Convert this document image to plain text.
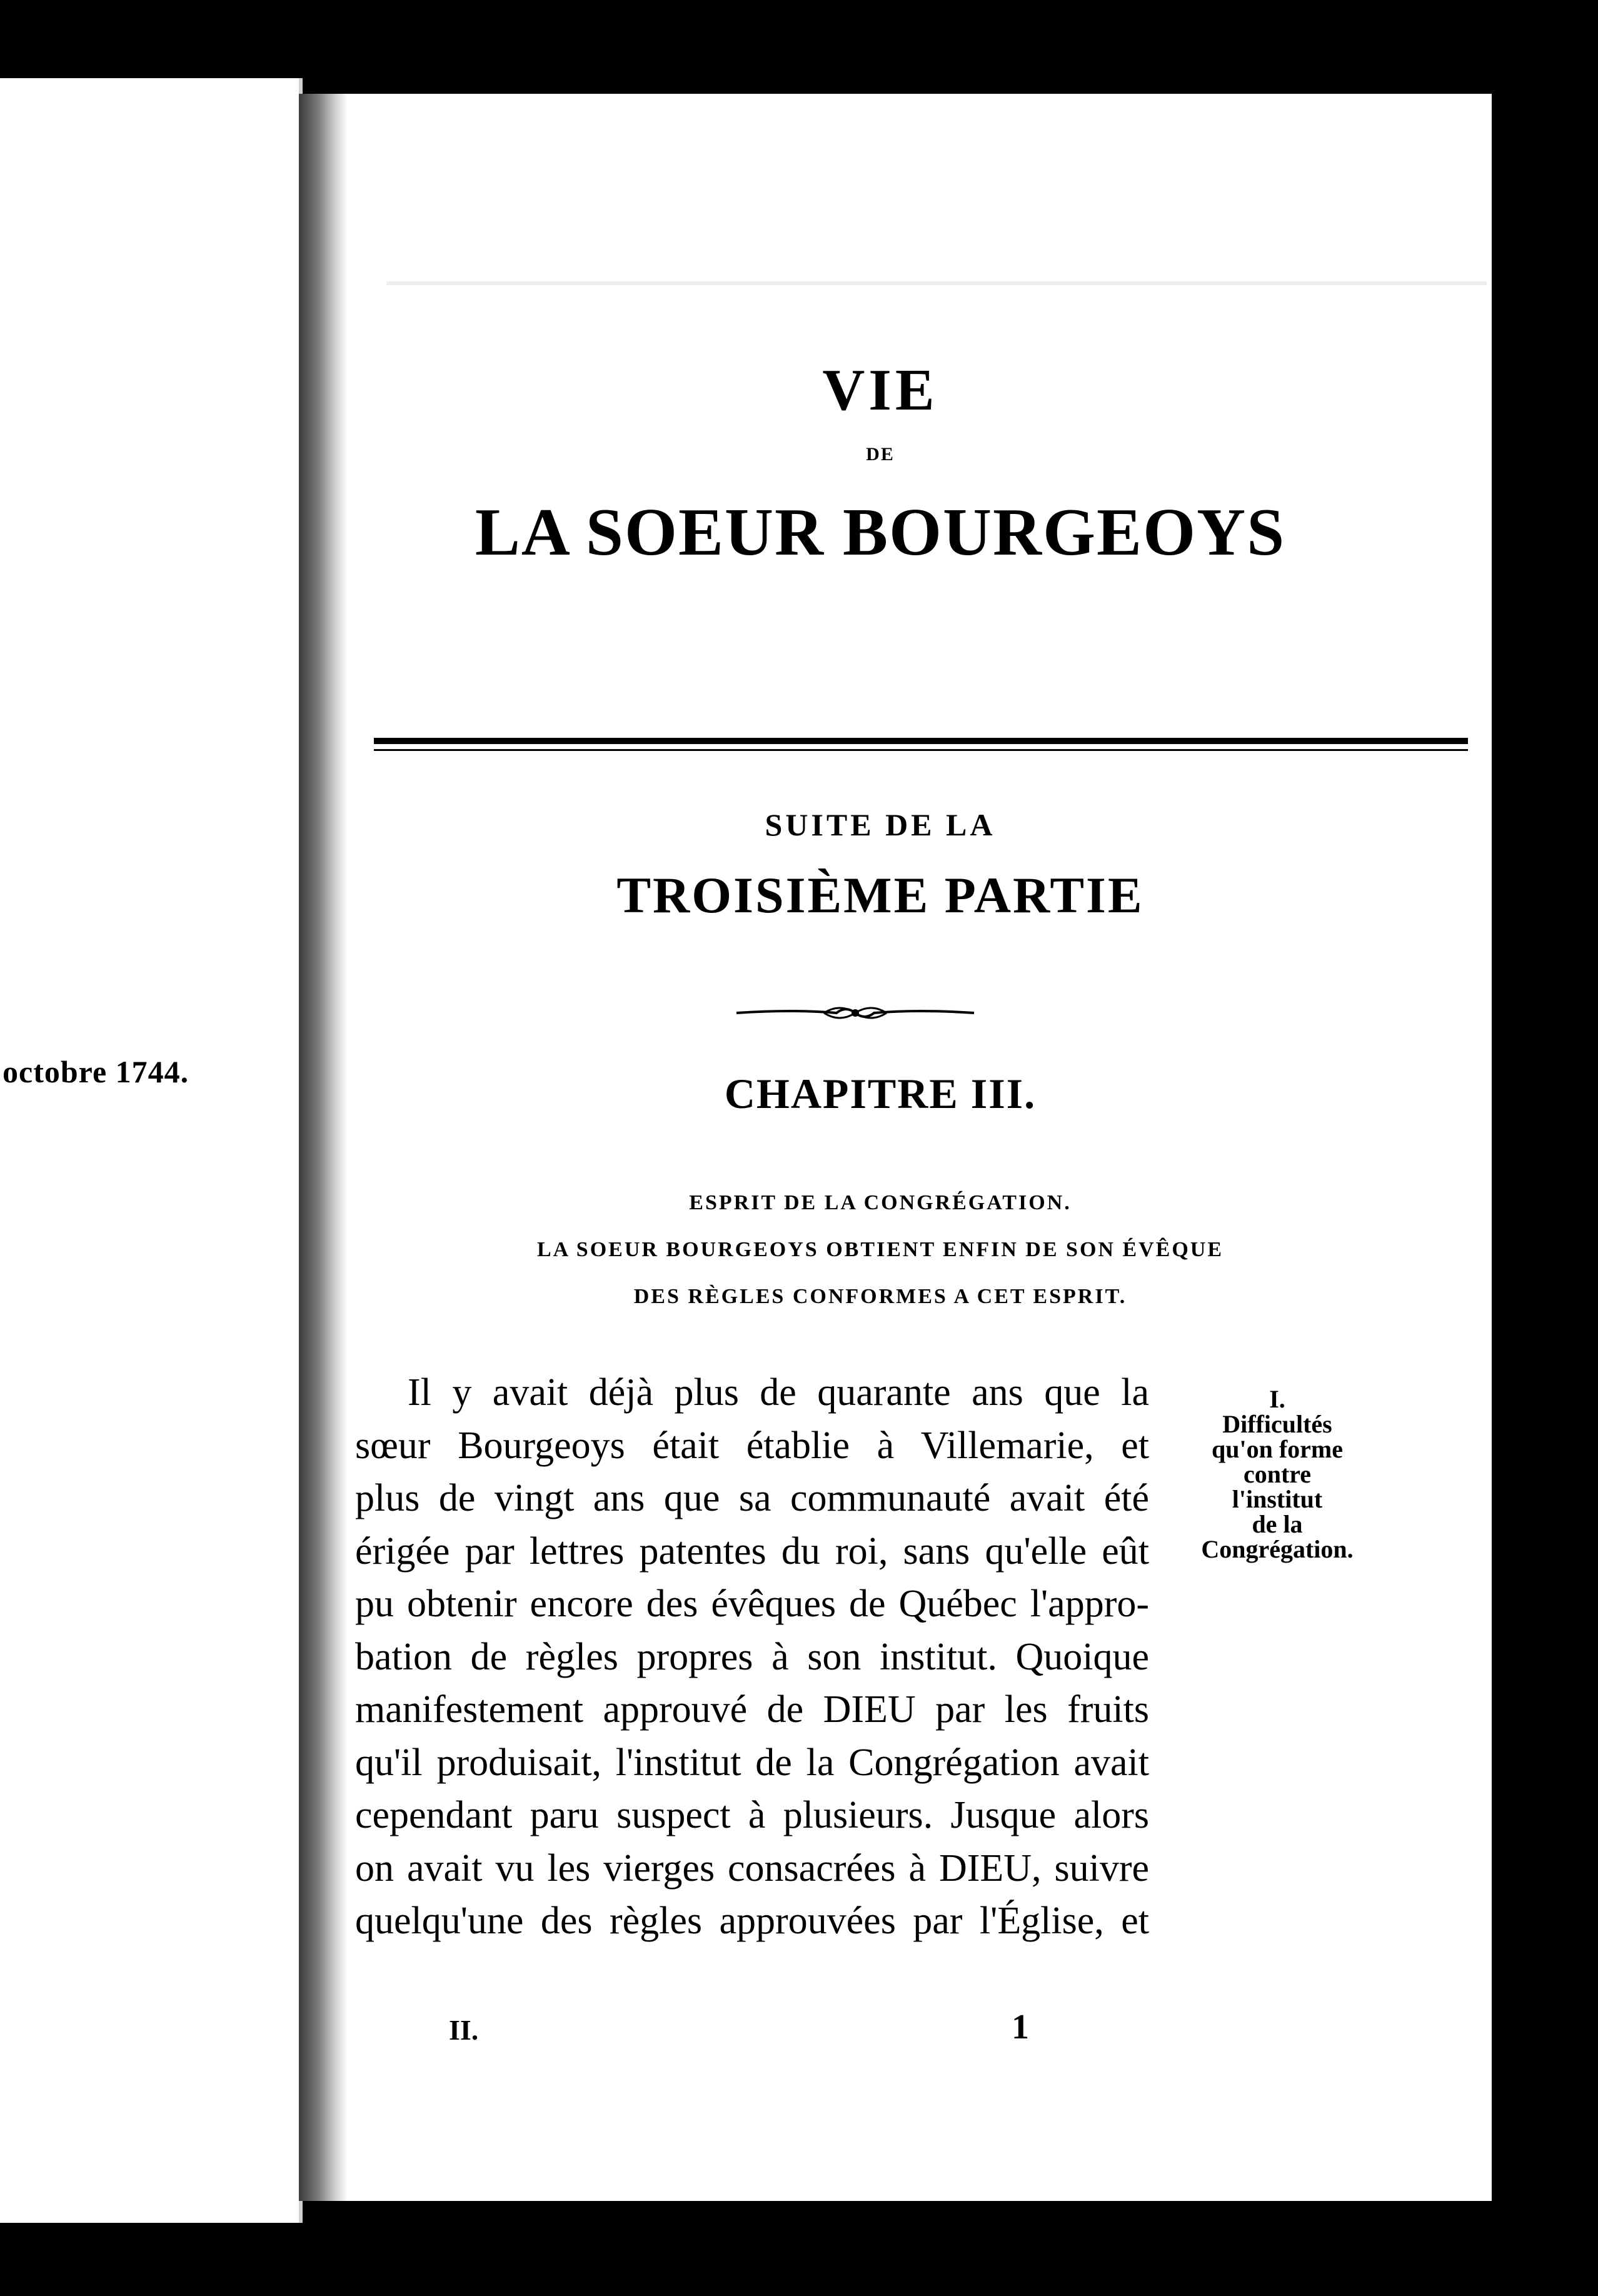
octobre 1744.
VIE
DE
LA SOEUR BOURGEOYS
SUITE DE LA
TROISIÈME PARTIE
CHAPITRE III.
ESPRIT DE LA CONGRÉGATION.
LA SOEUR BOURGEOYS OBTIENT ENFIN DE SON ÉVÊQUE
DES RÈGLES CONFORMES A CET ESPRIT.
Il y avait déjà plus de quarante ans que la
sœur Bourgeoys était établie à Villemarie, et
plus de vingt ans que sa communauté avait été
érigée par lettres patentes du roi, sans qu'elle eût
pu obtenir encore des évêques de Québec l'appro-
bation de règles propres à son institut. Quoique
manifestement approuvé de DIEU par les fruits
qu'il produisait, l'institut de la Congrégation avait
cependant paru suspect à plusieurs. Jusque alors
on avait vu les vierges consacrées à DIEU, suivre
quelqu'une des règles approuvées par l'Église, et
I.
Difficultés
qu'on forme
contre
l'institut
de la
Congrégation.
II.	1
